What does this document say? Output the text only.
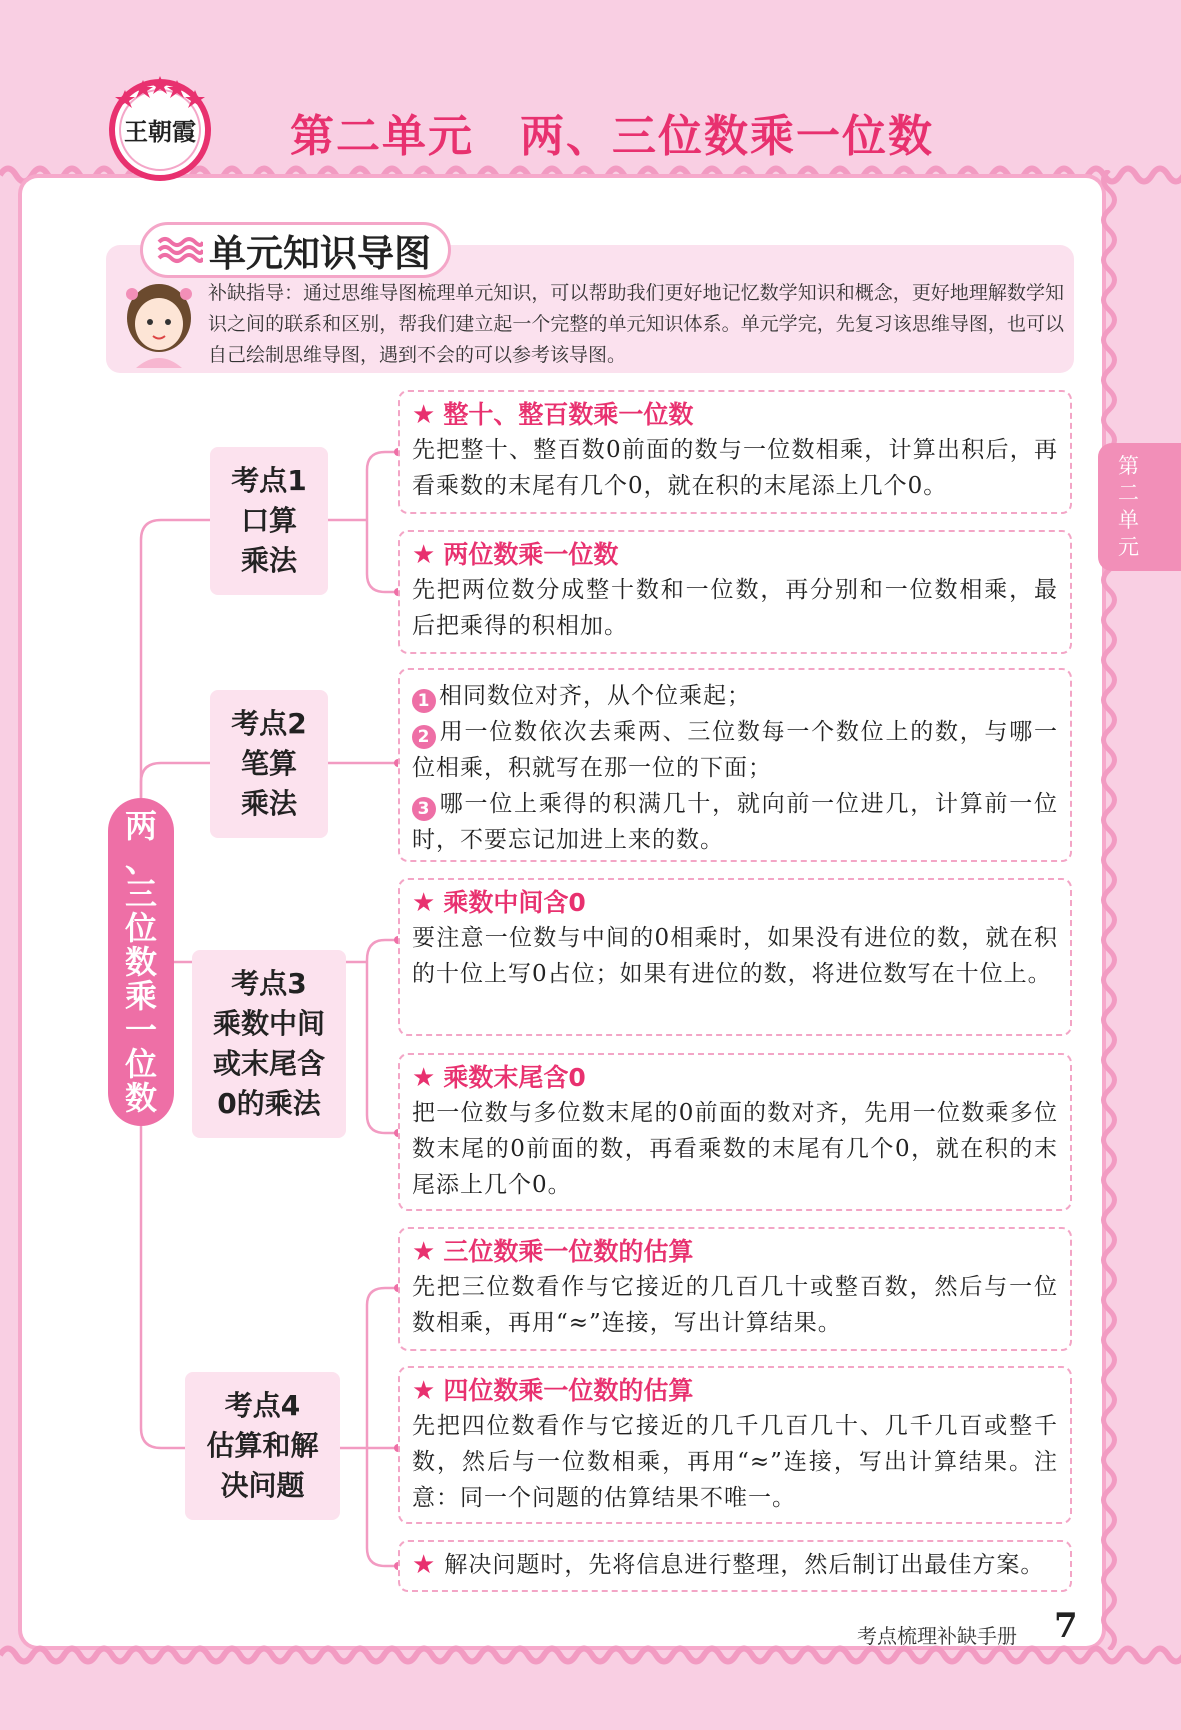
王朝霞 第二单元　两、三位数乘一位数
单元知识导图
补缺指导：通过思维导图梳理单元知识，可以帮助我们更好地记忆数学知识和概念，更好地理解数学知识之间的联系和区别，帮我们建立起一个完整的单元知识体系。单元学完，先复习该思维导图，也可以自己绘制思维导图，遇到不会的可以参考该导图。
第
二
单
元
两
、
三
位
数
乘
一
位
数
考点1
口算
乘法
考点2
笔算
乘法
考点3
乘数中间
或末尾含
0的乘法
考点4
估算和解
决问题
★ 整十、整百数乘一位数
先把整十、整百数0前面的数与一位数相乘，计算出积后，再看乘数的末尾有几个0，就在积的末尾添上几个0。
★ 两位数乘一位数
先把两位数分成整十数和一位数，再分别和一位数相乘，最后把乘得的积相加。
1 相同数位对齐，从个位乘起；
2 用一位数依次去乘两、三位数每一个数位上的数，与哪一位相乘，积就写在那一位的下面；
3 哪一位上乘得的积满几十，就向前一位进几，计算前一位时，不要忘记加进上来的数。
★ 乘数中间含0
要注意一位数与中间的0相乘时，如果没有进位的数，就在积的十位上写0占位；如果有进位的数，将进位数写在十位上。
★ 乘数末尾含0
把一位数与多位数末尾的0前面的数对齐，先用一位数乘多位数末尾的0前面的数，再看乘数的末尾有几个0，就在积的末尾添上几个0。
★ 三位数乘一位数的估算
先把三位数看作与它接近的几百几十或整百数，然后与一位数相乘，再用“≈”连接，写出计算结果。
★ 四位数乘一位数的估算
先把四位数看作与它接近的几千几百几十、几千几百或整千数，然后与一位数相乘，再用“≈”连接，写出计算结果。注意：同一个问题的估算结果不唯一。
★ 解决问题时，先将信息进行整理，然后制订出最佳方案。
考点梳理补缺手册 7
